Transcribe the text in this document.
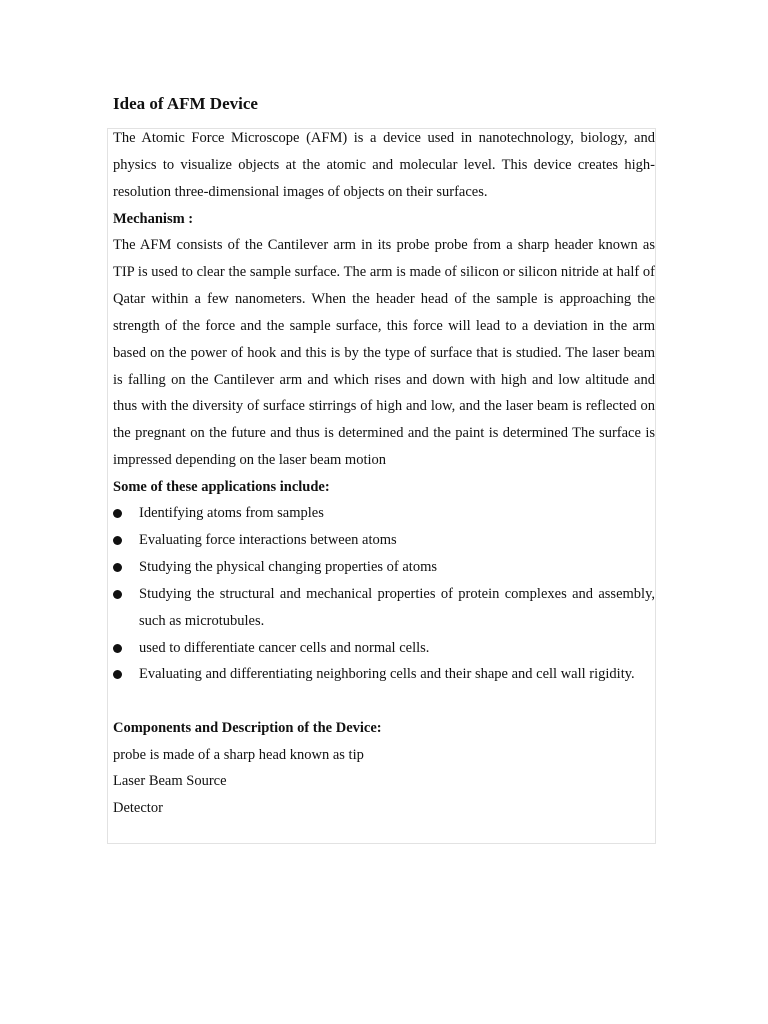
Idea of AFM Device

The Atomic Force Microscope (AFM) is a device used in nanotechnology, biology, and physics to visualize objects at the atomic and molecular level. This device creates high-resolution three-dimensional images of objects on their surfaces.

Mechanism :

The AFM consists of the Cantilever arm in its probe probe from a sharp header known as TIP is used to clear the sample surface. The arm is made of silicon or silicon nitride at half of Qatar within a few nanometers. When the header head of the sample is approaching the strength of the force and the sample surface, this force will lead to a deviation in the arm based on the power of hook and this is by the type of surface that is studied. The laser beam is falling on the Cantilever arm and which rises and down with high and low altitude and thus with the diversity of surface stirrings of high and low, and the laser beam is reflected on the pregnant on the future and thus is determined and the paint is determined The surface is impressed depending on the laser beam motion

Some of these applications include:

Identifying atoms from samples
Evaluating force interactions between atoms
Studying the physical changing properties of atoms
Studying the structural and mechanical properties of protein complexes and assembly, such as microtubules.
used to differentiate cancer cells and normal cells.
Evaluating and differentiating neighboring cells and their shape and cell wall rigidity.

Components and Description of the Device:

probe is made of a sharp head known as tip

Laser Beam Source

Detector
